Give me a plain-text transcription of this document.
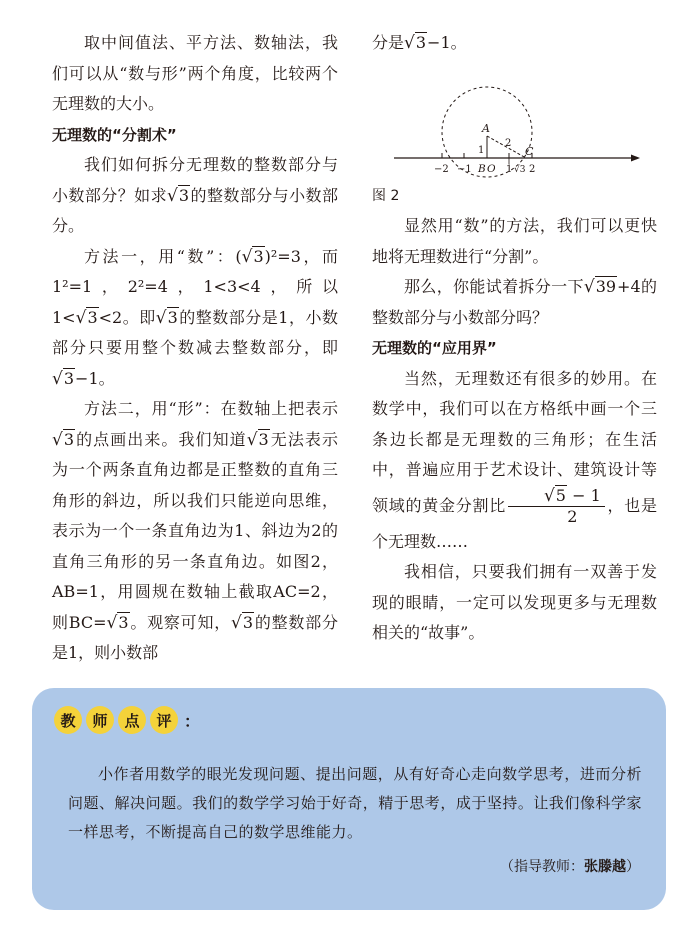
取中间值法、平方法、数轴法，我们可以从“数与形”两个角度，比较两个无理数的大小。

无理数的“分割术”

我们如何拆分无理数的整数部分与小数部分？如求√3的整数部分与小数部分。

方法一，用“数”：(√3)²=3，而1²=1，2²=4，1<3<4，所以 1<√3<2。即√3的整数部分是1，小数部分只要用整个数减去整数部分，即√3−1。

方法二，用“形”：在数轴上把表示√3的点画出来。我们知道√3无法表示为一个两条直角边都是正整数的直角三角形的斜边，所以我们只能逆向思维，表示为一个一条直角边为1、斜边为2的直角三角形的另一条直角边。如图2，AB=1，用圆规在数轴上截取AC=2，则BC=√3。观察可知，√3的整数部分是1，则小数部

分是√3−1。

A
1
2
C
−2 −1 B O 1 √3 2

图 2

显然用“数”的方法，我们可以更快地将无理数进行“分割”。

那么，你能试着拆分一下√39+4的整数部分与小数部分吗？

无理数的“应用界”

当然，无理数还有很多的妙用。在数学中，我们可以在方格纸中画一个三条边长都是无理数的三角形；在生活中，普遍应用于艺术设计、建筑设计等领域的黄金分割比 $\frac{√5 - 1}{2}$ ，也是个无理数……

我相信，只要我们拥有一双善于发现的眼睛，一定可以发现更多与无理数相关的“故事”。

教	师	点	评 ：

小作者用数学的眼光发现问题、提出问题，从有好奇心走向数学思考，进而分析问题、解决问题。我们的数学学习始于好奇，精于思考，成于坚持。让我们像科学家一样思考，不断提高自己的数学思维能力。

（指导教师：张滕越）
